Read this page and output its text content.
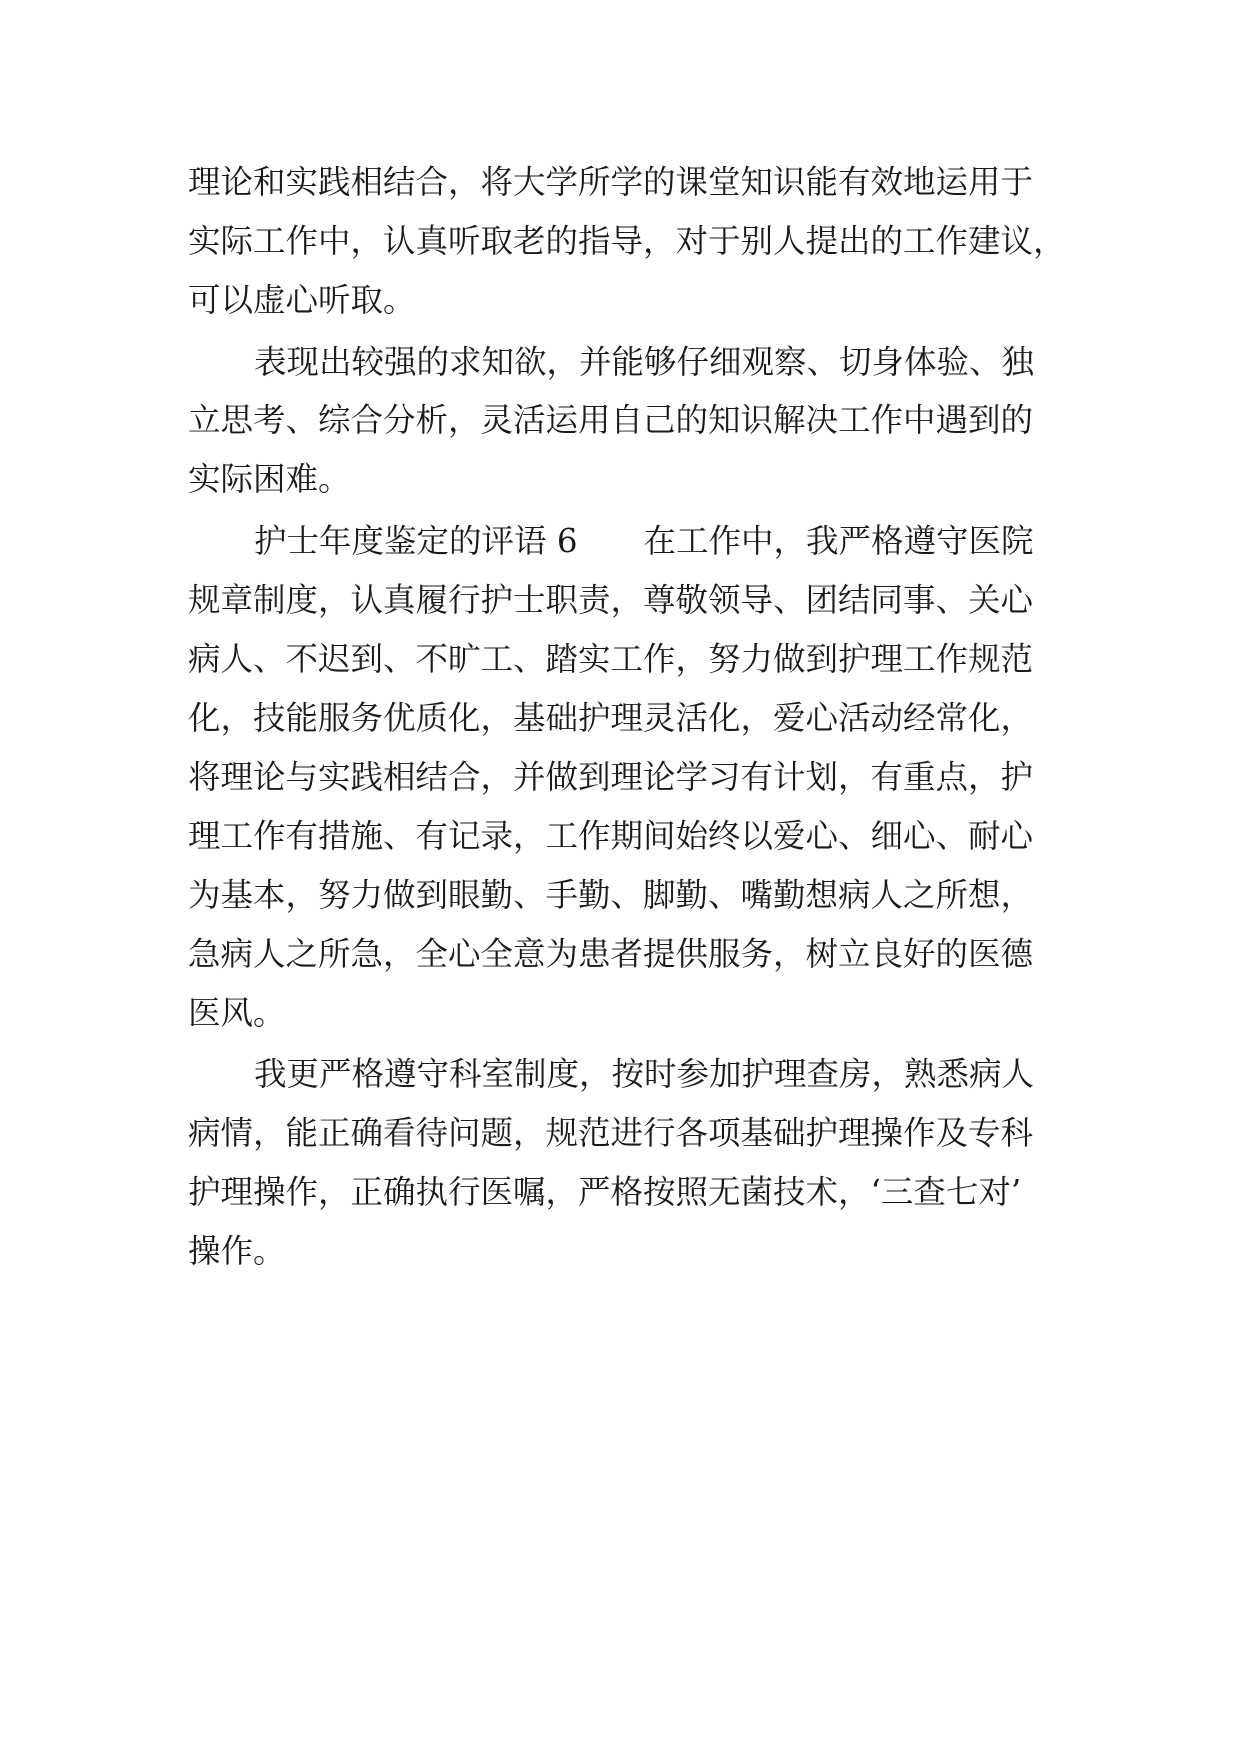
理论和实践相结合，将大学所学的课堂知识能有效地运用于
实际工作中，认真听取老的指导，对于别人提出的工作建议，
可以虚心听取。
表现出较强的求知欲，并能够仔细观察、切身体验、独
立思考、综合分析，灵活运用自己的知识解决工作中遇到的
实际困难。
护士年度鉴定的评语 6 在工作中，我严格遵守医院
规章制度，认真履行护士职责，尊敬领导、团结同事、关心
病人、不迟到、不旷工、踏实工作，努力做到护理工作规范
化，技能服务优质化，基础护理灵活化，爱心活动经常化，
将理论与实践相结合，并做到理论学习有计划，有重点，护
理工作有措施、有记录，工作期间始终以爱心、细心、耐心
为基本，努力做到眼勤、手勤、脚勤、嘴勤想病人之所想，
急病人之所急，全心全意为患者提供服务，树立良好的医德
医风。
我更严格遵守科室制度，按时参加护理查房，熟悉病人
病情，能正确看待问题，规范进行各项基础护理操作及专科
护理操作，正确执行医嘱，严格按照无菌技术，‘三查七对’
操作。
